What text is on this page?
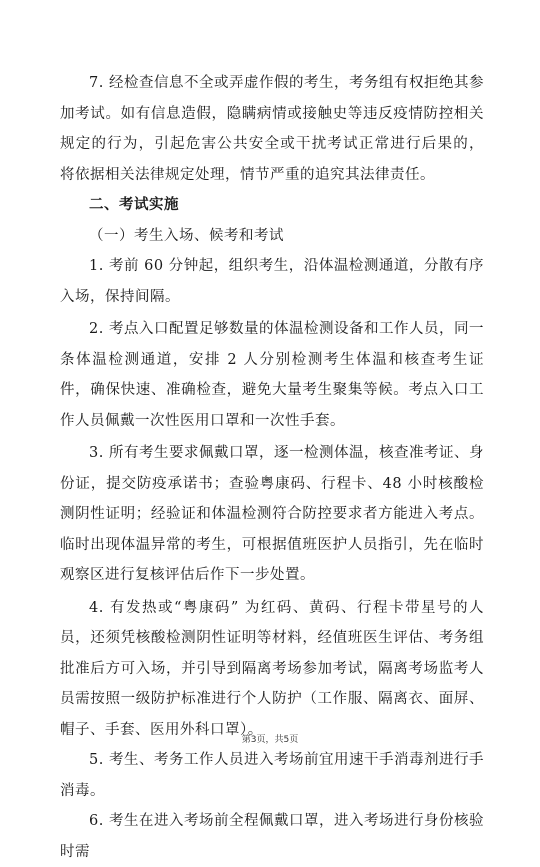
7. 经检查信息不全或弄虚作假的考生，考务组有权拒绝其参加考试。如有信息造假，隐瞒病情或接触史等违反疫情防控相关规定的行为，引起危害公共安全或干扰考试正常进行后果的， 将依据相关法律规定处理，情节严重的追究其法律责任。

二、考试实施

（一）考生入场、候考和考试

1. 考前 60 分钟起，组织考生，沿体温检测通道，分散有序入场，保持间隔。

2. 考点入口配置足够数量的体温检测设备和工作人员，同一条体温检测通道，安排 2 人分别检测考生体温和核查考生证件，确保快速、准确检查，避免大量考生聚集等候。考点入口工作人员佩戴一次性医用口罩和一次性手套。

3. 所有考生要求佩戴口罩，逐一检测体温，核查准考证、身份证，提交防疫承诺书；查验粤康码、行程卡、48 小时核酸检测阴性证明；经验证和体温检测符合防控要求者方能进入考点。临时出现体温异常的考生，可根据值班医护人员指引，先在临时观察区进行复核评估后作下一步处置。

4. 有发热或“粤康码” 为红码、黄码、行程卡带星号的人员，还须凭核酸检测阴性证明等材料，经值班医生评估、考务组批准后方可入场，并引导到隔离考场参加考试，隔离考场监考人员需按照一级防护标准进行个人防护（工作服、隔离衣、面屏、帽子、手套、医用外科口罩）。

5. 考生、考务工作人员进入考场前宜用速干手消毒剂进行手消毒。

6. 考生在进入考场前全程佩戴口罩，进入考场进行身份核验时需

第3页，共5页
